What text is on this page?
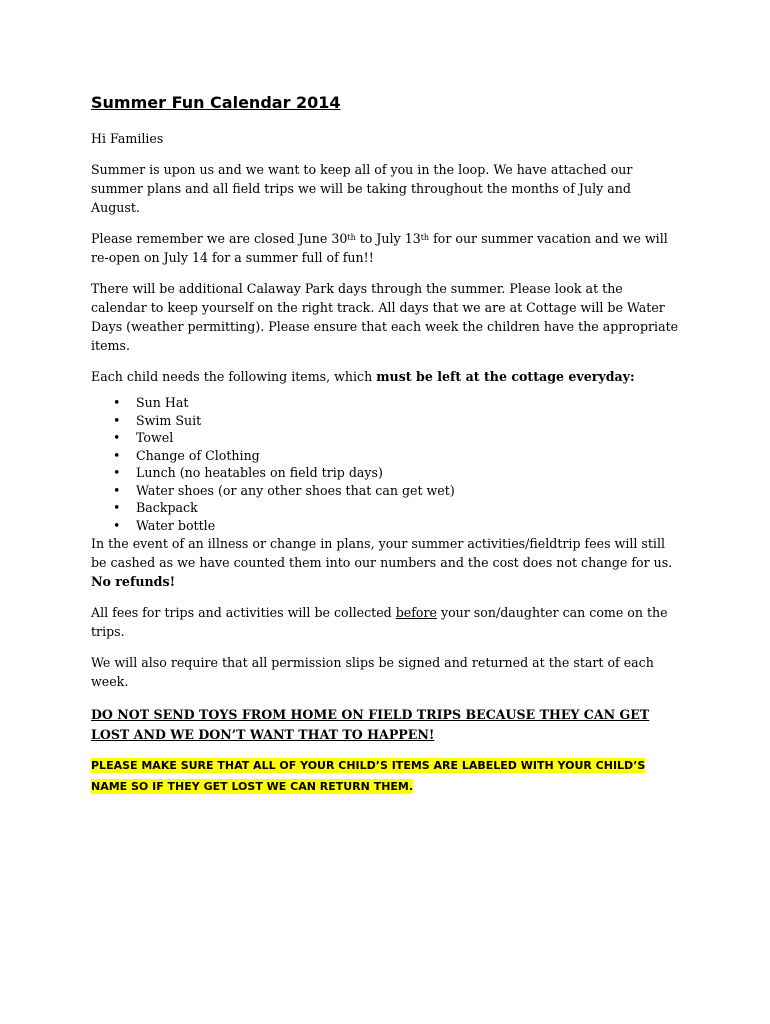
Summer Fun Calendar 2014

Hi Families

Summer is upon us and we want to keep all of you in the loop. We have attached our summer plans and all field trips we will be taking throughout the months of July and August.

Please remember we are closed June 30th to July 13th for our summer vacation and we will re-open on July 14 for a summer full of fun!!

There will be additional Calaway Park days through the summer. Please look at the calendar to keep yourself on the right track. All days that we are at Cottage will be Water Days (weather permitting). Please ensure that each week the children have the appropriate items.

Each child needs the following items, which must be left at the cottage everyday:

• Sun Hat
• Swim Suit
• Towel
• Change of Clothing
• Lunch (no heatables on field trip days)
• Water shoes (or any other shoes that can get wet)
• Backpack
• Water bottle

In the event of an illness or change in plans, your summer activities/fieldtrip fees will still be cashed as we have counted them into our numbers and the cost does not change for us. No refunds!

All fees for trips and activities will be collected before your son/daughter can come on the trips.

We will also require that all permission slips be signed and returned at the start of each week.

DO NOT SEND TOYS FROM HOME ON FIELD TRIPS BECAUSE THEY CAN GET LOST AND WE DON’T WANT THAT TO HAPPEN!

PLEASE MAKE SURE THAT ALL OF YOUR CHILD’S ITEMS ARE LABELED WITH YOUR CHILD’S NAME SO IF THEY GET LOST WE CAN RETURN THEM.
